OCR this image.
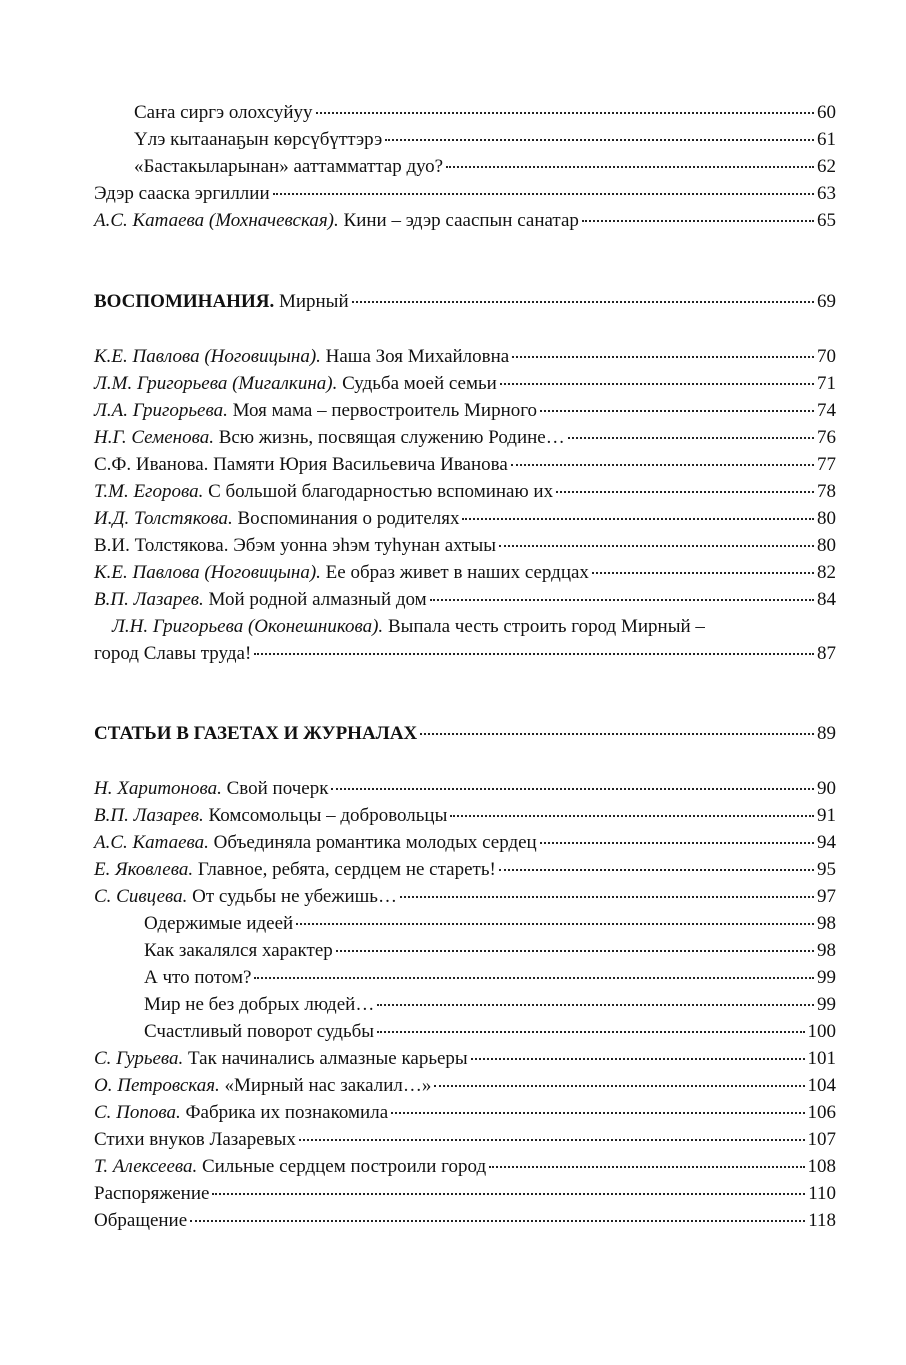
Саҥа сиргэ олохсуйуу	60
Үлэ кытаанаҕын көрсүбүттэрэ	61
«Бастакыларынан» ааттамматтар дуо?	62
Эдэр сааска эргиллии	63
А.С. Катаева (Мохначевская). Кини – эдэр сааспын санатар	65
ВОСПОМИНАНИЯ. Мирный	69
К.Е. Павлова (Ноговицына). Наша Зоя Михайловна	70
Л.М. Григорьева (Мигалкина). Судьба моей семьи	71
Л.А. Григорьева. Моя мама – первостроитель Мирного	74
Н.Г. Семенова. Всю жизнь, посвящая служению Родине…	76
С.Ф. Иванова. Памяти Юрия Васильевича Иванова	77
Т.М. Егорова. С большой благодарностью вспоминаю их	78
И.Д. Толстякова. Воспоминания о родителях	80
В.И. Толстякова. Эбэм уонна эһэм туһунан ахтыы	80
К.Е. Павлова (Ноговицына). Ее образ живет в наших сердцах	82
В.П. Лазарев. Мой родной алмазный дом	84
Л.Н. Григорьева (Оконешникова). Выпала честь строить город Мирный –
город Славы труда!	87
СТАТЬИ В ГАЗЕТАХ И ЖУРНАЛАХ	89
Н. Харитонова. Свой почерк	90
В.П. Лазарев. Комсомольцы – добровольцы	91
А.С. Катаева. Объединяла романтика молодых сердец	94
Е. Яковлева. Главное, ребята, сердцем не стареть!	95
С. Сивцева. От судьбы не убежишь…	97
Одержимые идеей	98
Как закалялся характер	98
А что потом?	99
Мир не без добрых людей…	99
Счастливый поворот судьбы	100
С. Гурьева. Так начинались алмазные карьеры	101
О. Петровская. «Мирный нас закалил…»	104
С. Попова. Фабрика их познакомила	106
Стихи внуков Лазаревых	107
Т. Алексеева. Сильные сердцем построили город	108
Распоряжение	110
Обращение	118
